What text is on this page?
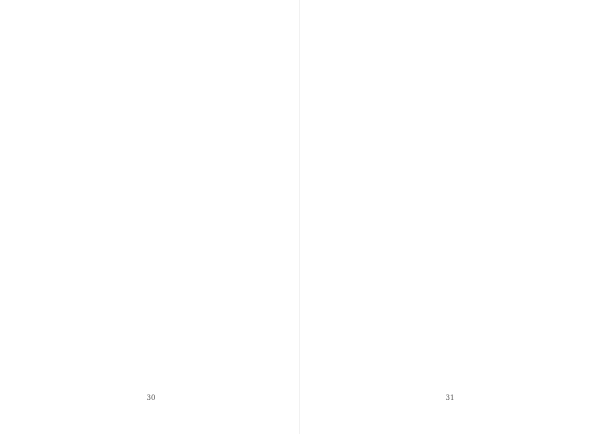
30	31
